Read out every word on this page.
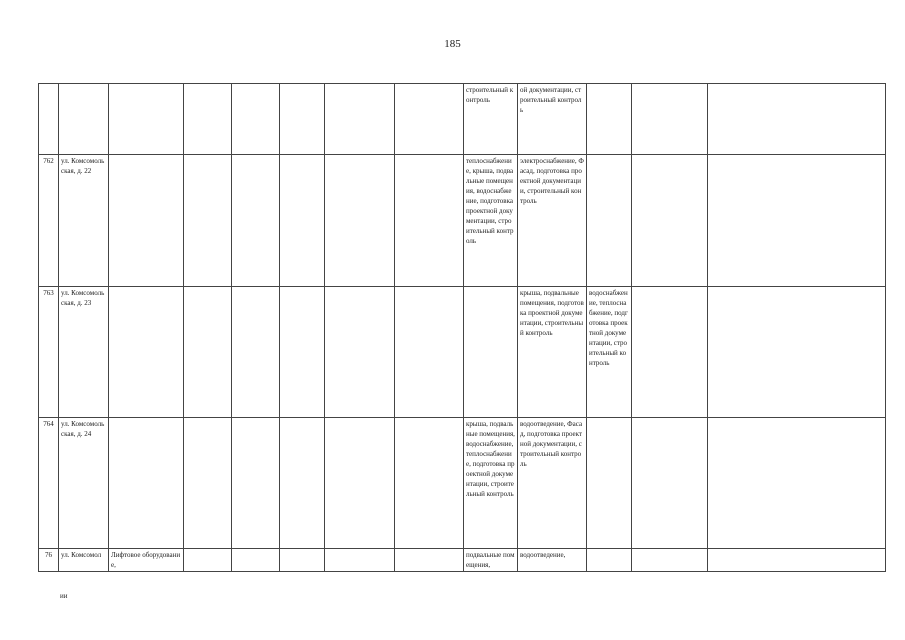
185
								строительный контроль	ой документации, строительный контроль			
762	ул. Комсомольская, д. 22							теплоснабжение, крыша, подвальные помещения, водоснабжение, подготовка проектной документации, строительный контроль	электроснабжение, Фасад, подготовка проектной документации, строительный контроль			
763	ул. Комсомольская, д. 23								крыша, подвальные помещения, подготовка проектной документации, строительный контроль	водоснабжение, теплоснабжение, подготовка проектной документации, строительный контроль		
764	ул. Комсомольская, д. 24							крыша, подвальные помещения, водоснабжение, теплоснабжение, подготовка проектной документации, строительный контроль	водоотведение, Фасад, подготовка проектной документации, строительный контроль			
76	ул. Комсомол	Лифтовое оборудование,						подвальные помещения,	водоотведение,			
ии
